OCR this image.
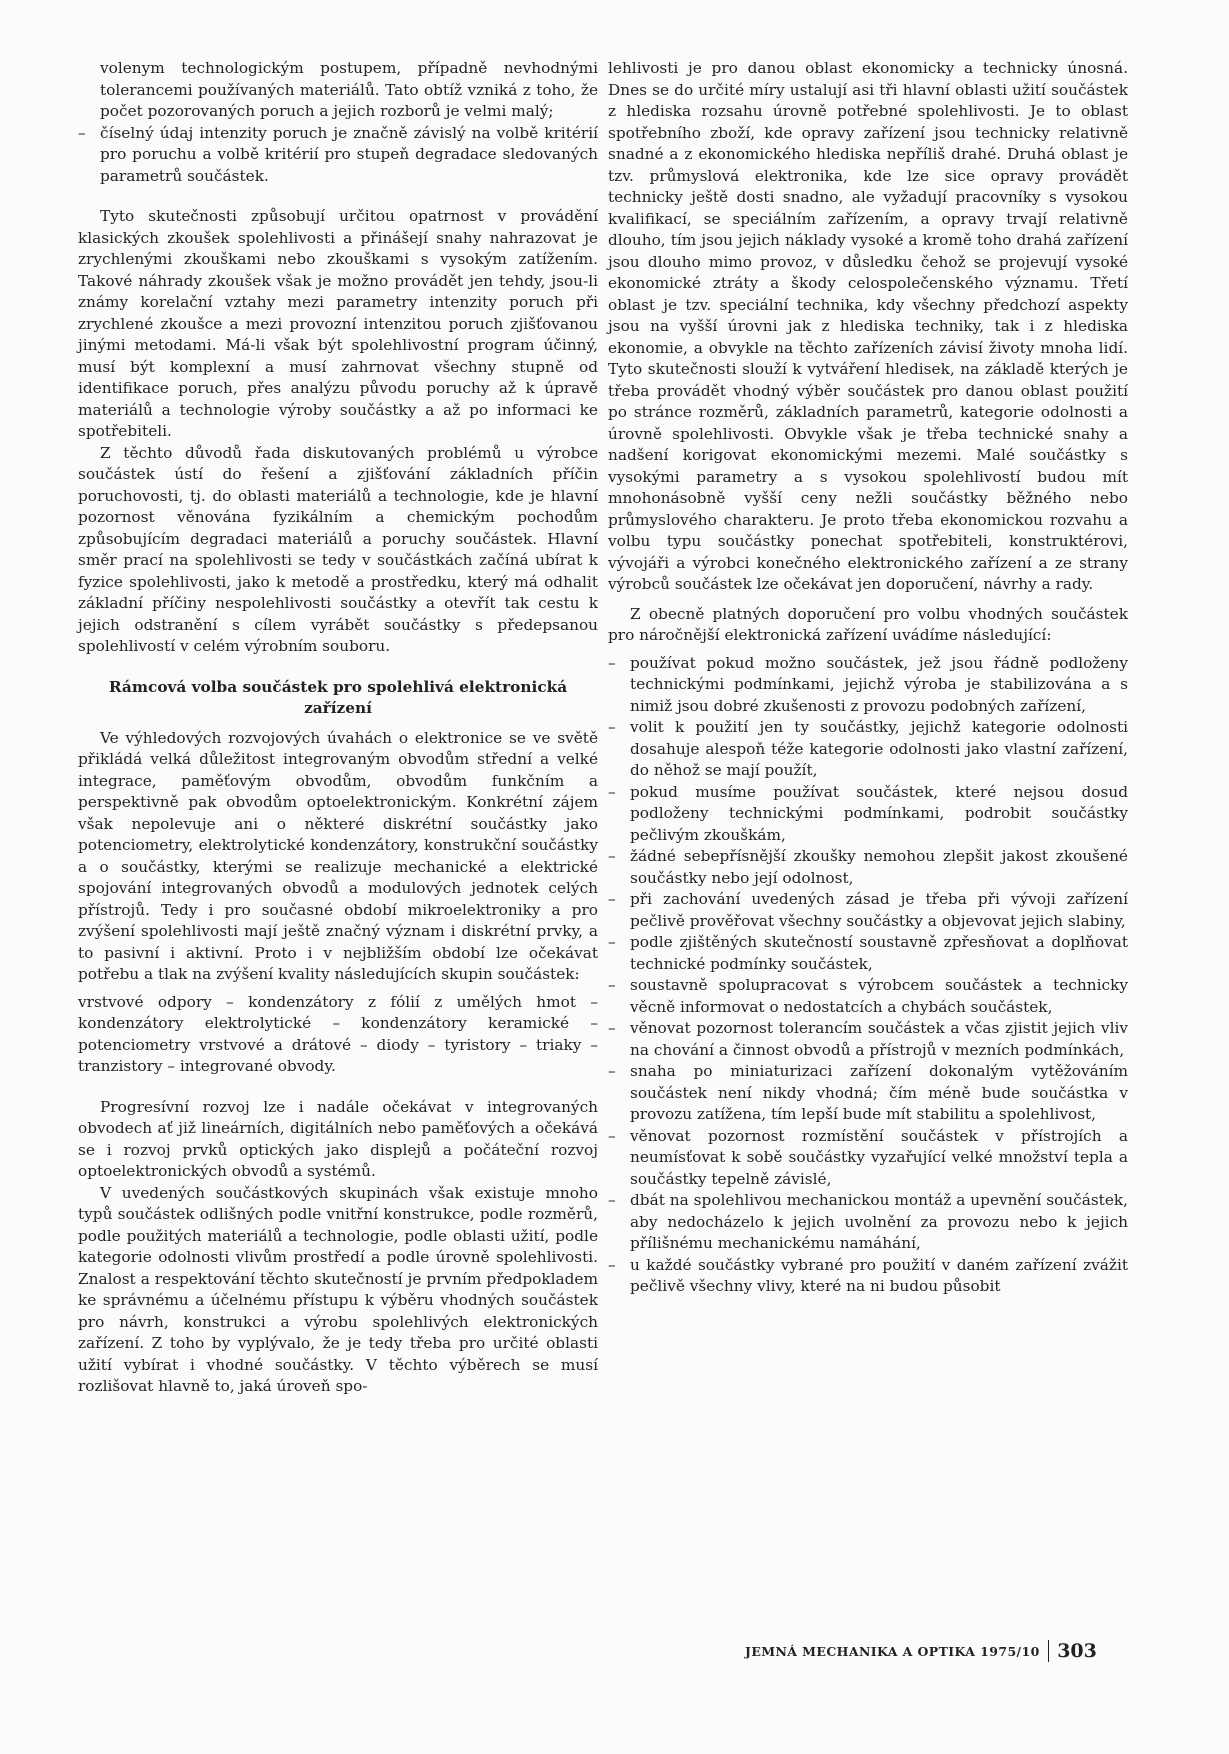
volenym technologickým postupem, případně nevhodnými tolerancemi používaných materiálů. Tato obtíž vzniká z toho, že počet pozorovaných poruch a jejich rozborů je velmi malý;
– číselný údaj intenzity poruch je značně závislý na volbě kritérií pro poruchu a volbě kritérií pro stupeň degradace sledovaných parametrů součástek.

Tyto skutečnosti způsobují určitou opatrnost v provádění klasických zkoušek spolehlivosti a přinášejí snahy nahrazovat je zrychlenými zkouškami nebo zkouškami s vysokým zatížením. Takové náhrady zkoušek však je možno provádět jen tehdy, jsou-li známy korelační vztahy mezi parametry intenzity poruch při zrychlené zkoušce a mezi provozní intenzitou poruch zjišťovanou jinými metodami. Má-li však být spolehlivostní program účinný, musí být komplexní a musí zahrnovat všechny stupně od identifikace poruch, přes analýzu původu poruchy až k úpravě materiálů a technologie výroby součástky a až po informaci ke spotřebiteli.

Z těchto důvodů řada diskutovaných problémů u výrobce součástek ústí do řešení a zjišťování základních příčin poruchovosti, tj. do oblasti materiálů a technologie, kde je hlavní pozornost věnována fyzikálním a chemickým pochodům způsobujícím degradaci materiálů a poruchy součástek. Hlavní směr prací na spolehlivosti se tedy v součástkách začíná ubírat k fyzice spolehlivosti, jako k metodě a prostředku, který má odhalit základní příčiny nespolehlivosti součástky a otevřít tak cestu k jejich odstranění s cílem vyrábět součástky s předepsanou spolehlivostí v celém výrobním souboru.

Rámcová volba součástek pro spolehlivá elektronická zařízení

Ve výhledových rozvojových úvahách o elektronice se ve světě přikládá velká důležitost integrovaným obvodům střední a velké integrace, paměťovým obvodům, obvodům funkčním a perspektivně pak obvodům optoelektronickým. Konkrétní zájem však nepolevuje ani o některé diskrétní součástky jako potenciometry, elektrolytické kondenzátory, konstrukční součástky a o součástky, kterými se realizuje mechanické a elektrické spojování integrovaných obvodů a modulových jednotek celých přístrojů. Tedy i pro současné období mikroelektroniky a pro zvýšení spolehlivosti mají ještě značný význam i diskrétní prvky, a to pasivní i aktivní. Proto i v nejbližším období lze očekávat potřebu a tlak na zvýšení kvality následujících skupin součástek:

vrstvové odpory – kondenzátory z fólií z umělých hmot – kondenzátory elektrolytické – kondenzátory keramické – potenciometry vrstvové a drátové – diody – tyristory – triaky – tranzistory – integrované obvody.

Progresívní rozvoj lze i nadále očekávat v integrovaných obvodech ať již lineárních, digitálních nebo paměťových a očekává se i rozvoj prvků optických jako displejů a počáteční rozvoj optoelektronických obvodů a systémů.

V uvedených součástkových skupinách však existuje mnoho typů součástek odlišných podle vnitřní konstrukce, podle rozměrů, podle použitých materiálů a technologie, podle oblasti užití, podle kategorie odolnosti vlivům prostředí a podle úrovně spolehlivosti. Znalost a respektování těchto skutečností je prvním předpokladem ke správnému a účelnému přístupu k výběru vhodných součástek pro návrh, konstrukci a výrobu spolehlivých elektronických zařízení. Z toho by vyplývalo, že je tedy třeba pro určité oblasti užití vybírat i vhodné součástky. V těchto výběrech se musí rozlišovat hlavně to, jaká úroveň spo-

lehlivosti je pro danou oblast ekonomicky a technicky únosná. Dnes se do určité míry ustalují asi tři hlavní oblasti užití součástek z hlediska rozsahu úrovně potřebné spolehlivosti. Je to oblast spotřebního zboží, kde opravy zařízení jsou technicky relativně snadné a z ekonomického hlediska nepříliš drahé. Druhá oblast je tzv. průmyslová elektronika, kde lze sice opravy provádět technicky ještě dosti snadno, ale vyžadují pracovníky s vysokou kvalifikací, se speciálním zařízením, a opravy trvají relativně dlouho, tím jsou jejich náklady vysoké a kromě toho drahá zařízení jsou dlouho mimo provoz, v důsledku čehož se projevují vysoké ekonomické ztráty a škody celospolečenského významu. Třetí oblast je tzv. speciální technika, kdy všechny předchozí aspekty jsou na vyšší úrovni jak z hlediska techniky, tak i z hlediska ekonomie, a obvykle na těchto zařízeních závisí životy mnoha lidí. Tyto skutečnosti slouží k vytváření hledisek, na základě kterých je třeba provádět vhodný výběr součástek pro danou oblast použití po stránce rozměrů, základních parametrů, kategorie odolnosti a úrovně spolehlivosti. Obvykle však je třeba technické snahy a nadšení korigovat ekonomickými mezemi. Malé součástky s vysokými parametry a s vysokou spolehlivostí budou mít mnohonásobně vyšší ceny nežli součástky běžného nebo průmyslového charakteru. Je proto třeba ekonomickou rozvahu a volbu typu součástky ponechat spotřebiteli, konstruktérovi, vývojáři a výrobci konečného elektronického zařízení a ze strany výrobců součástek lze očekávat jen doporučení, návrhy a rady.

Z obecně platných doporučení pro volbu vhodných součástek pro náročnější elektronická zařízení uvádíme následující:

– používat pokud možno součástek, jež jsou řádně podloženy technickými podmínkami, jejichž výroba je stabilizována a s nimiž jsou dobré zkušenosti z provozu podobných zařízení,
– volit k použití jen ty součástky, jejichž kategorie odolnosti dosahuje alespoň téže kategorie odolnosti jako vlastní zařízení, do něhož se mají použít,
– pokud musíme používat součástek, které nejsou dosud podloženy technickými podmínkami, podrobit součástky pečlivým zkouškám,
– žádné sebepřísnější zkoušky nemohou zlepšit jakost zkoušené součástky nebo její odolnost,
– při zachování uvedených zásad je třeba při vývoji zařízení pečlivě prověřovat všechny součástky a objevovat jejich slabiny,
– podle zjištěných skutečností soustavně zpřesňovat a doplňovat technické podmínky součástek,
– soustavně spolupracovat s výrobcem součástek a technicky věcně informovat o nedostatcích a chybách součástek,
– věnovat pozornost tolerancím součástek a včas zjistit jejich vliv na chování a činnost obvodů a přístrojů v mezních podmínkách,
– snaha po miniaturizaci zařízení dokonalým vytěžováním součástek není nikdy vhodná; čím méně bude součástka v provozu zatížena, tím lepší bude mít stabilitu a spolehlivost,
– věnovat pozornost rozmístění součástek v přístrojích a neumísťovat k sobě součástky vyzařující velké množství tepla a součástky tepelně závislé,
– dbát na spolehlivou mechanickou montáž a upevnění součástek, aby nedocházelo k jejich uvolnění za provozu nebo k jejich přílišnému mechanickému namáhání,
– u každé součástky vybrané pro použití v daném zařízení zvážit pečlivě všechny vlivy, které na ni budou působit
JEMNÁ MECHANIKA A OPTIKA 1975/10 303
